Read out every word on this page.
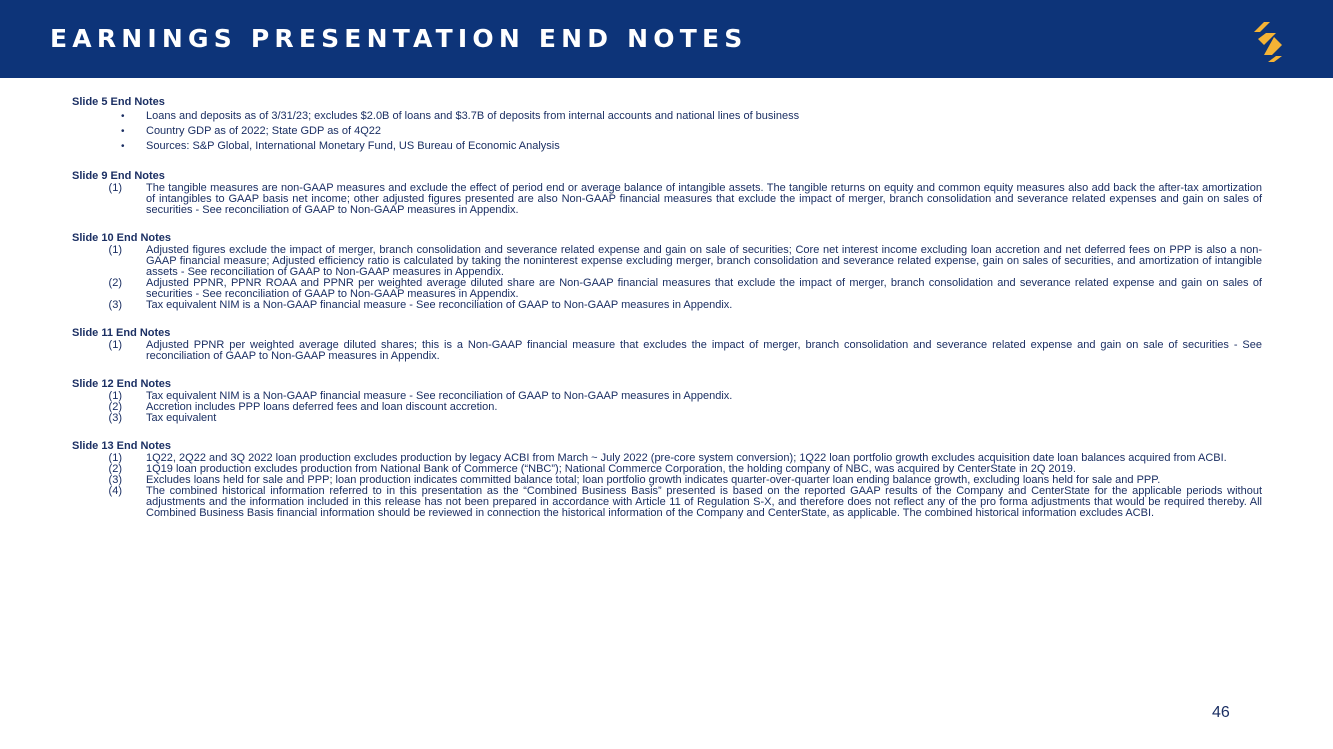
EARNINGS PRESENTATION END NOTES

Slide 5 End Notes

• Loans and deposits as of 3/31/23; excludes $2.0B of loans and $3.7B of deposits from internal accounts and national lines of business
• Country GDP as of 2022; State GDP as of 4Q22
• Sources: S&P Global, International Monetary Fund, US Bureau of Economic Analysis

Slide 9 End Notes

(1)	The tangible measures are non-GAAP measures and exclude the effect of period end or average balance of intangible assets. The tangible returns on equity and common equity measures also add back the after-tax amortization of intangibles to GAAP basis net income; other adjusted figures presented are also Non-GAAP financial measures that exclude the impact of merger, branch consolidation and severance related expenses and gain on sales of securities - See reconciliation of GAAP to Non-GAAP measures in Appendix.

Slide 10 End Notes

(1)	Adjusted figures exclude the impact of merger, branch consolidation and severance related expense and gain on sale of securities; Core net interest income excluding loan accretion and net deferred fees on PPP is also a non-GAAP financial measure; Adjusted efficiency ratio is calculated by taking the noninterest expense excluding merger, branch consolidation and severance related expense, gain on sales of securities, and amortization of intangible assets - See reconciliation of GAAP to Non-GAAP measures in Appendix.
(2)	Adjusted PPNR, PPNR ROAA and PPNR per weighted average diluted share are Non-GAAP financial measures that exclude the impact of merger, branch consolidation and severance related expense and gain on sales of securities - See reconciliation of GAAP to Non-GAAP measures in Appendix.
(3)	Tax equivalent NIM is a Non-GAAP financial measure - See reconciliation of GAAP to Non-GAAP measures in Appendix.

Slide 11 End Notes

(1)	Adjusted PPNR per weighted average diluted shares; this is a Non-GAAP financial measure that excludes the impact of merger, branch consolidation and severance related expense and gain on sale of securities - See reconciliation of GAAP to Non-GAAP measures in Appendix.

Slide 12 End Notes

(1)	Tax equivalent NIM is a Non-GAAP financial measure - See reconciliation of GAAP to Non-GAAP measures in Appendix.
(2)	Accretion includes PPP loans deferred fees and loan discount accretion.
(3)	Tax equivalent

Slide 13 End Notes

(1)	1Q22, 2Q22 and 3Q 2022 loan production excludes production by legacy ACBI from March ~ July 2022 (pre-core system conversion); 1Q22 loan portfolio growth excludes acquisition date loan balances acquired from ACBI.
(2)	1Q19 loan production excludes production from National Bank of Commerce (“NBC”); National Commerce Corporation, the holding company of NBC, was acquired by CenterState in 2Q 2019.
(3)	Excludes loans held for sale and PPP; loan production indicates committed balance total; loan portfolio growth indicates quarter-over-quarter loan ending balance growth, excluding loans held for sale and PPP.
(4)	The combined historical information referred to in this presentation as the “Combined Business Basis” presented is based on the reported GAAP results of the Company and CenterState for the applicable periods without adjustments and the information included in this release has not been prepared in accordance with Article 11 of Regulation S-X, and therefore does not reflect any of the pro forma adjustments that would be required thereby. All Combined Business Basis financial information should be reviewed in connection the historical information of the Company and CenterState, as applicable. The combined historical information excludes ACBI.
46
